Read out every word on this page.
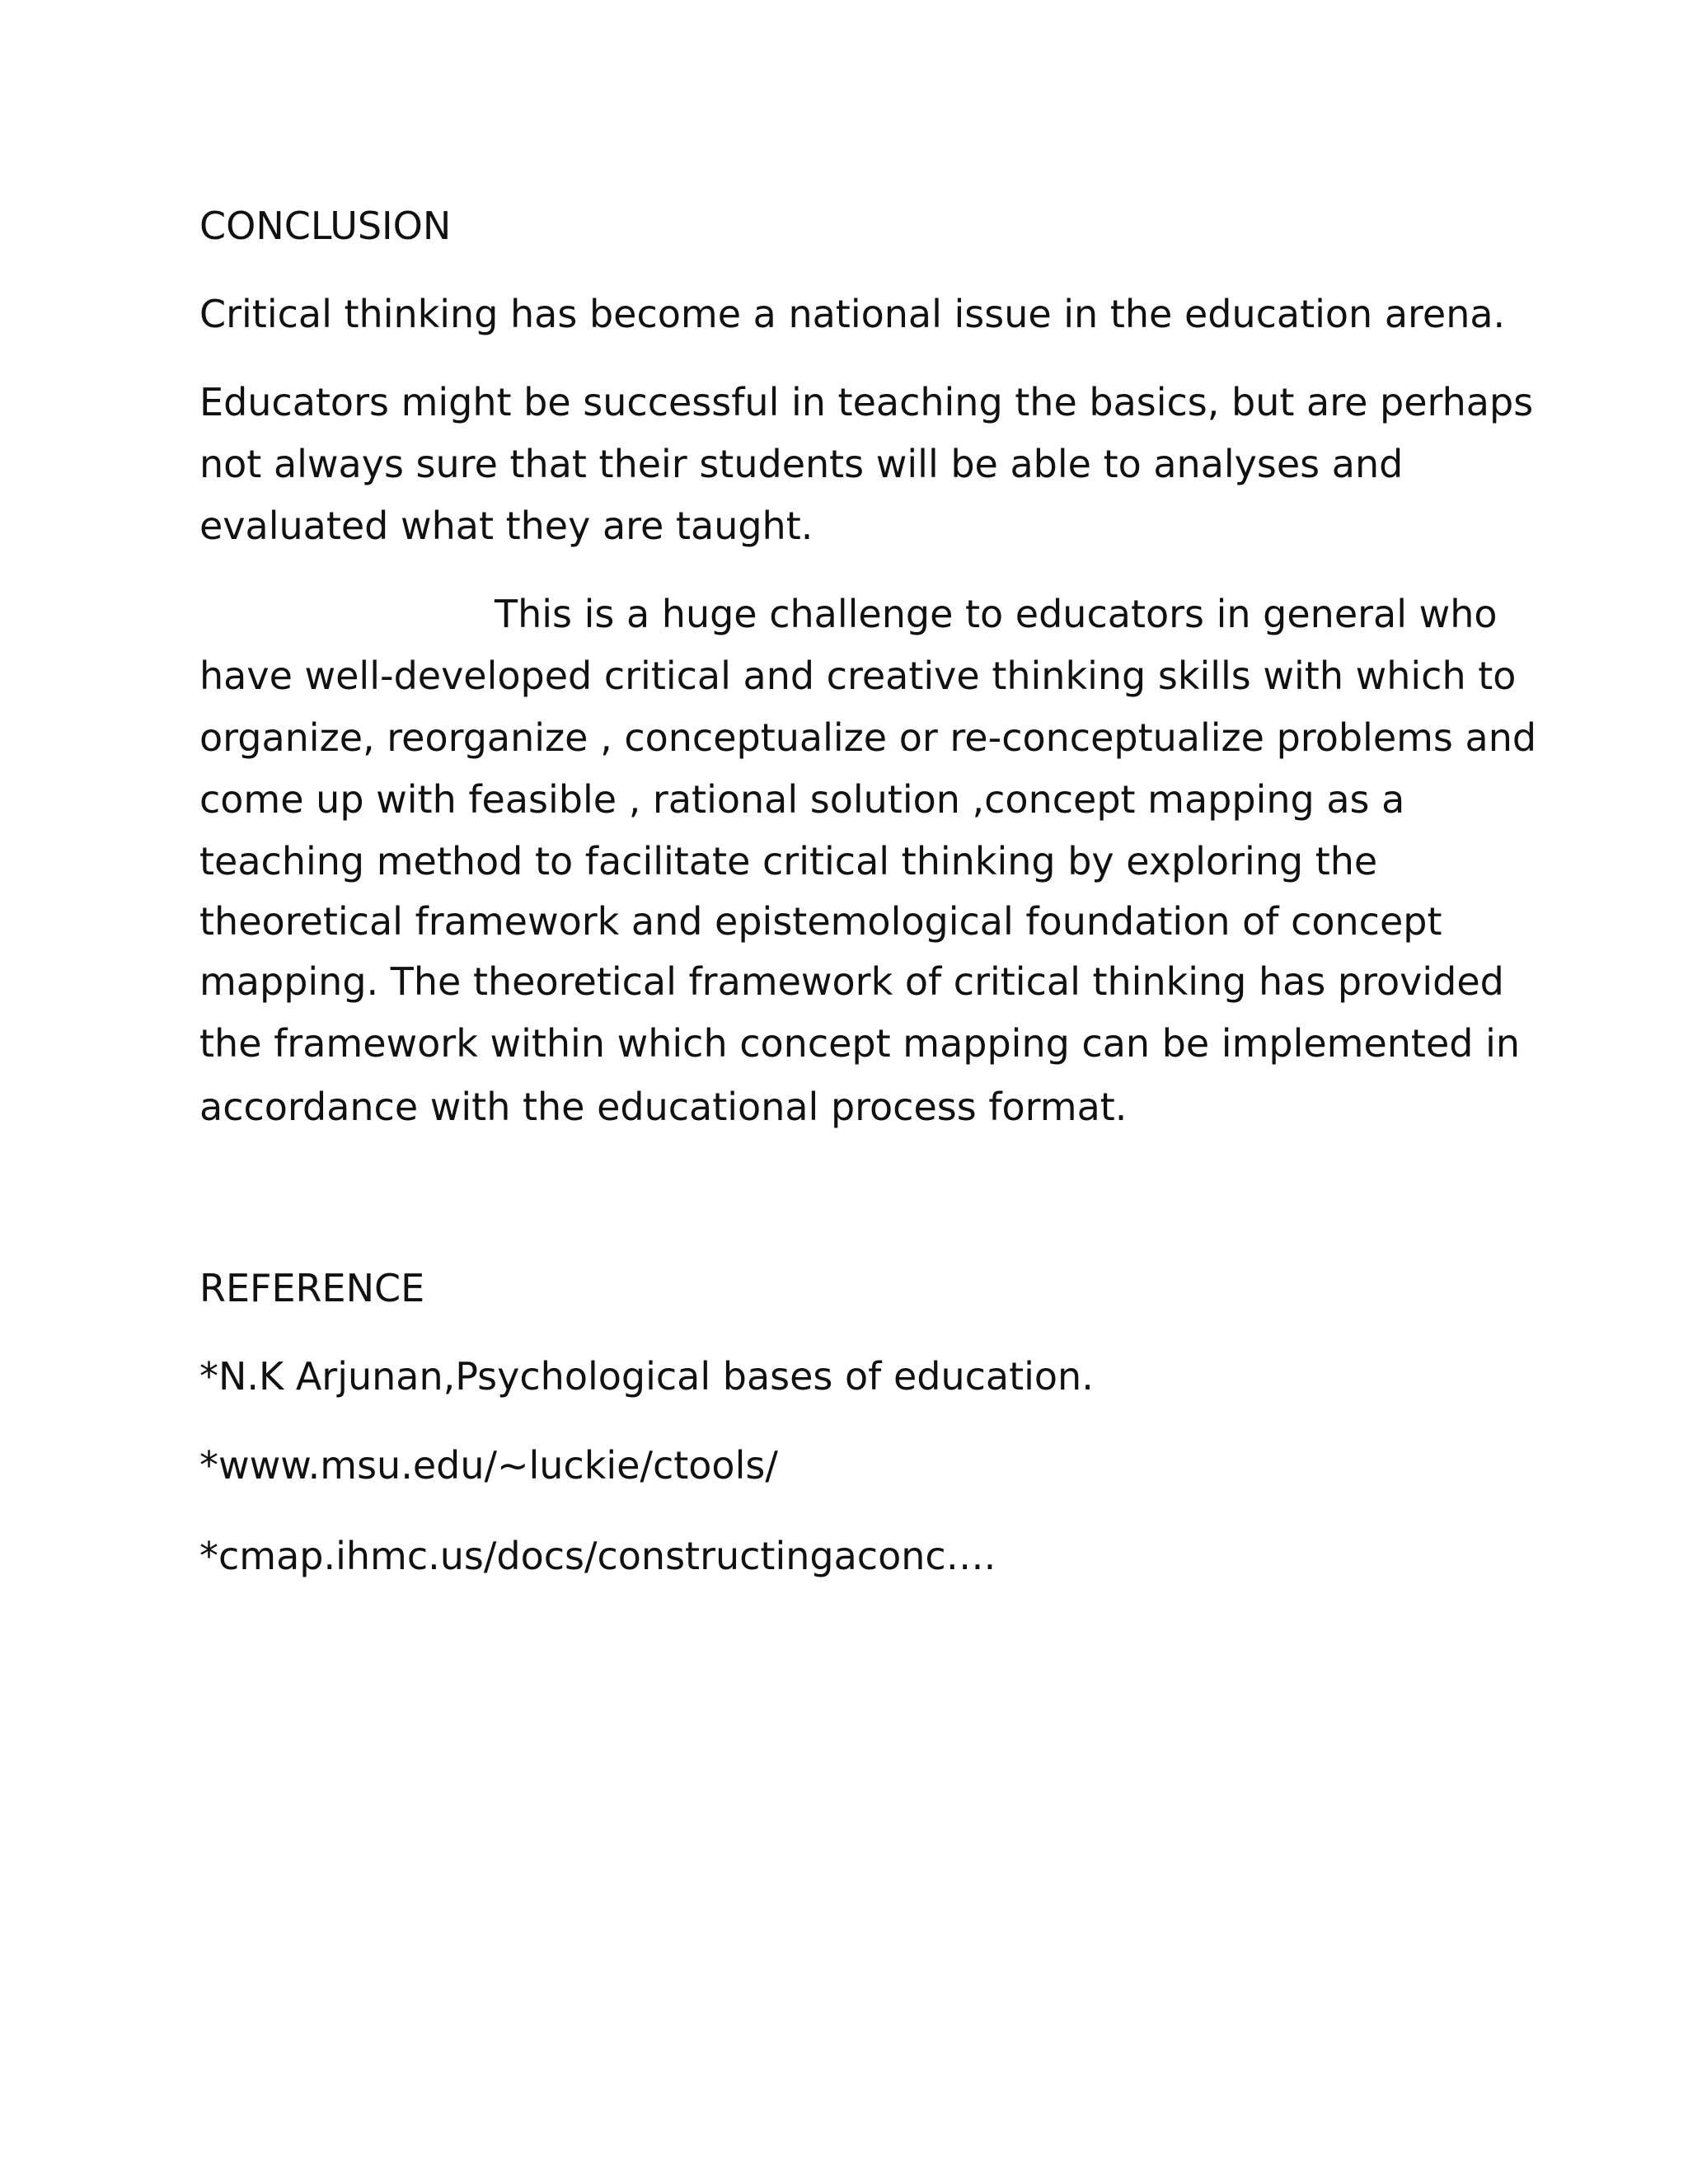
CONCLUSION

Critical thinking has become a national issue in the education arena.

Educators might be successful in teaching the basics, but are perhaps

not always sure that their students will be able to analyses and

evaluated what they are taught.

This is a huge challenge to educators in general who

have well-developed critical and creative thinking skills with which to

organize, reorganize , conceptualize or re-conceptualize problems and

come up with feasible , rational solution ,concept mapping as a

teaching method to facilitate critical thinking by exploring the

theoretical framework and epistemological foundation of concept

mapping. The theoretical framework of critical thinking has provided

the framework within which concept mapping can be implemented in

accordance with the educational process format.

REFERENCE

*N.K Arjunan,Psychological bases of education.

*www.msu.edu/~luckie/ctools/

*cmap.ihmc.us/docs/constructingaconc….
